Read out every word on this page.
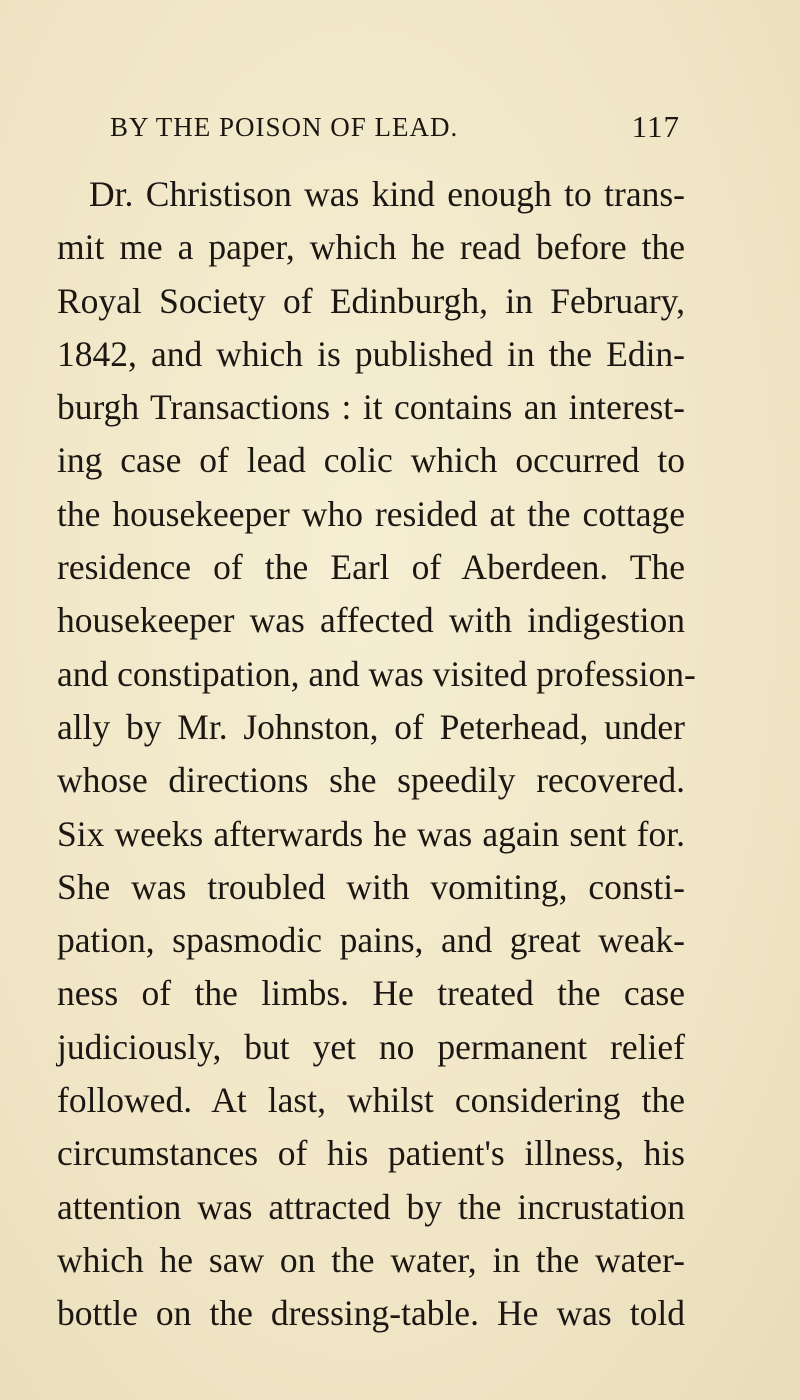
BY THE POISON OF LEAD.	117
Dr. Christison was kind enough to trans-
mit me a paper, which he read before the
Royal Society of Edinburgh, in February,
1842, and which is published in the Edin-
burgh Transactions : it contains an interest-
ing case of lead colic which occurred to
the housekeeper who resided at the cottage
residence of the Earl of Aberdeen. The
housekeeper was affected with indigestion
and constipation, and was visited profession-
ally by Mr. Johnston, of Peterhead, under
whose directions she speedily recovered.
Six weeks afterwards he was again sent for.
She was troubled with vomiting, consti-
pation, spasmodic pains, and great weak-
ness of the limbs. He treated the case
judiciously, but yet no permanent relief
followed. At last, whilst considering the
circumstances of his patient's illness, his
attention was attracted by the incrustation
which he saw on the water, in the water-
bottle on the dressing-table. He was told
